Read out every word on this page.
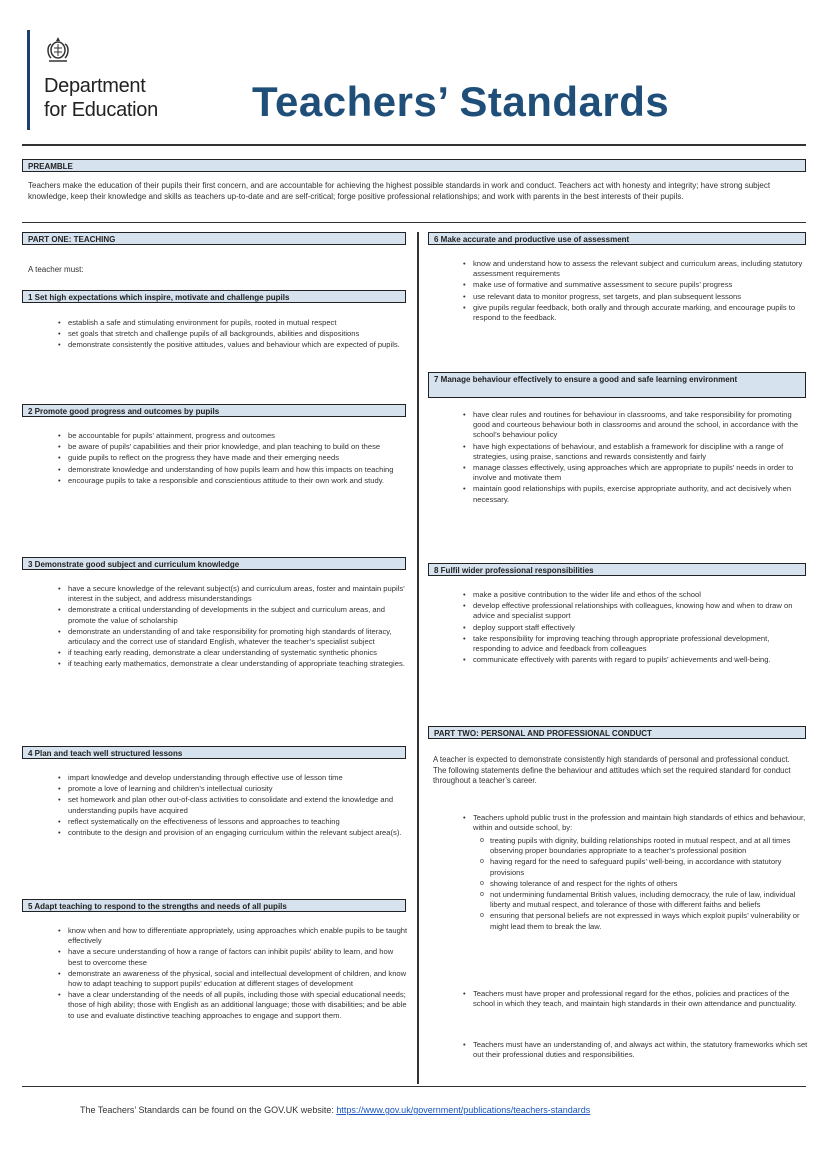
Department
for Education Teachers’ Standards
PREAMBLE
Teachers make the education of their pupils their first concern, and are accountable for achieving the highest possible standards in work and conduct. Teachers act with honesty and integrity; have strong subject knowledge, keep their knowledge and skills as teachers up-to-date and are self-critical; forge positive professional relationships; and work with parents in the best interests of their pupils.
PART ONE: TEACHING
A teacher must:
1 Set high expectations which inspire, motivate and challenge pupils
• establish a safe and stimulating environment for pupils, rooted in mutual respect
• set goals that stretch and challenge pupils of all backgrounds, abilities and dispositions
• demonstrate consistently the positive attitudes, values and behaviour which are expected of pupils.
2 Promote good progress and outcomes by pupils
• be accountable for pupils’ attainment, progress and outcomes
• be aware of pupils’ capabilities and their prior knowledge, and plan teaching to build on these
• guide pupils to reflect on the progress they have made and their emerging needs
• demonstrate knowledge and understanding of how pupils learn and how this impacts on teaching
• encourage pupils to take a responsible and conscientious attitude to their own work and study.
3 Demonstrate good subject and curriculum knowledge
• have a secure knowledge of the relevant subject(s) and curriculum areas, foster and maintain pupils’ interest in the subject, and address misunderstandings
• demonstrate a critical understanding of developments in the subject and curriculum areas, and promote the value of scholarship
• demonstrate an understanding of and take responsibility for promoting high standards of literacy, articulacy and the correct use of standard English, whatever the teacher’s specialist subject
• if teaching early reading, demonstrate a clear understanding of systematic synthetic phonics
• if teaching early mathematics, demonstrate a clear understanding of appropriate teaching strategies.
4 Plan and teach well structured lessons
• impart knowledge and develop understanding through effective use of lesson time
• promote a love of learning and children’s intellectual curiosity
• set homework and plan other out-of-class activities to consolidate and extend the knowledge and understanding pupils have acquired
• reflect systematically on the effectiveness of lessons and approaches to teaching
• contribute to the design and provision of an engaging curriculum within the relevant subject area(s).
5 Adapt teaching to respond to the strengths and needs of all pupils
• know when and how to differentiate appropriately, using approaches which enable pupils to be taught effectively
• have a secure understanding of how a range of factors can inhibit pupils’ ability to learn, and how best to overcome these
• demonstrate an awareness of the physical, social and intellectual development of children, and know how to adapt teaching to support pupils’ education at different stages of development
• have a clear understanding of the needs of all pupils, including those with special educational needs; those of high ability; those with English as an additional language; those with disabilities; and be able to use and evaluate distinctive teaching approaches to engage and support them.
6 Make accurate and productive use of assessment
• know and understand how to assess the relevant subject and curriculum areas, including statutory assessment requirements
• make use of formative and summative assessment to secure pupils’ progress
• use relevant data to monitor progress, set targets, and plan subsequent lessons
• give pupils regular feedback, both orally and through accurate marking, and encourage pupils to respond to the feedback.
7 Manage behaviour effectively to ensure a good and safe learning environment
• have clear rules and routines for behaviour in classrooms, and take responsibility for promoting good and courteous behaviour both in classrooms and around the school, in accordance with the school’s behaviour policy
• have high expectations of behaviour, and establish a framework for discipline with a range of strategies, using praise, sanctions and rewards consistently and fairly
• manage classes effectively, using approaches which are appropriate to pupils’ needs in order to involve and motivate them
• maintain good relationships with pupils, exercise appropriate authority, and act decisively when necessary.
8 Fulfil wider professional responsibilities
• make a positive contribution to the wider life and ethos of the school
• develop effective professional relationships with colleagues, knowing how and when to draw on advice and specialist support
• deploy support staff effectively
• take responsibility for improving teaching through appropriate professional development, responding to advice and feedback from colleagues
• communicate effectively with parents with regard to pupils’ achievements and well-being.
PART TWO: PERSONAL AND PROFESSIONAL CONDUCT
A teacher is expected to demonstrate consistently high standards of personal and professional conduct. The following statements define the behaviour and attitudes which set the required standard for conduct throughout a teacher’s career.
• Teachers uphold public trust in the profession and maintain high standards of ethics and behaviour, within and outside school, by:
o treating pupils with dignity, building relationships rooted in mutual respect, and at all times observing proper boundaries appropriate to a teacher’s professional position
o having regard for the need to safeguard pupils’ well-being, in accordance with statutory provisions
o showing tolerance of and respect for the rights of others
o not undermining fundamental British values, including democracy, the rule of law, individual liberty and mutual respect, and tolerance of those with different faiths and beliefs
o ensuring that personal beliefs are not expressed in ways which exploit pupils’ vulnerability or might lead them to break the law.
• Teachers must have proper and professional regard for the ethos, policies and practices of the school in which they teach, and maintain high standards in their own attendance and punctuality.
• Teachers must have an understanding of, and always act within, the statutory frameworks which set out their professional duties and responsibilities.
The Teachers’ Standards can be found on the GOV.UK website: https://www.gov.uk/government/publications/teachers-standards
